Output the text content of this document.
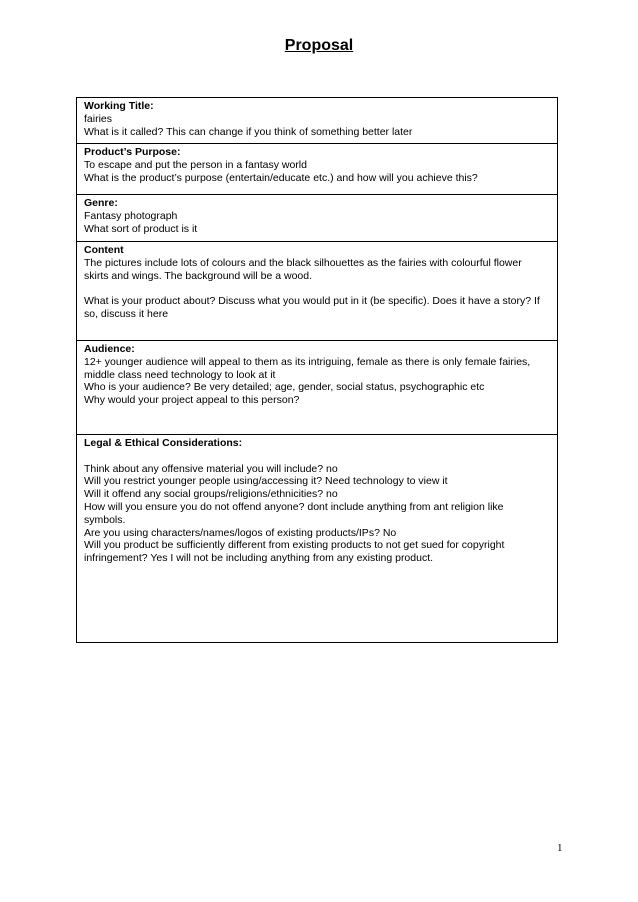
Proposal
Working Title:
fairies
What is it called? This can change if you think of something better later

Product’s Purpose:
To escape and put the person in a fantasy world
What is the product’s purpose (entertain/educate etc.) and how will you achieve this?

Genre:
Fantasy photograph
What sort of product is it

Content
The pictures include lots of colours and the black silhouettes as the fairies with colourful flower
skirts and wings. The background will be a wood.
What is your product about? Discuss what you would put in it (be specific). Does it have a story? If
so, discuss it here

Audience:
12+ younger audience will appeal to them as its intriguing, female as there is only female fairies,
middle class need technology to look at it
Who is your audience? Be very detailed; age, gender, social status, psychographic etc
Why would your project appeal to this person?

Legal & Ethical Considerations:
Think about any offensive material you will include? no
Will you restrict younger people using/accessing it? Need technology to view it
Will it offend any social groups/religions/ethnicities? no
How will you ensure you do not offend anyone? dont include anything from ant religion like
symbols.
Are you using characters/names/logos of existing products/IPs? No
Will you product be sufficiently different from existing products to not get sued for copyright
infringement? Yes I will not be including anything from any existing product.
1
